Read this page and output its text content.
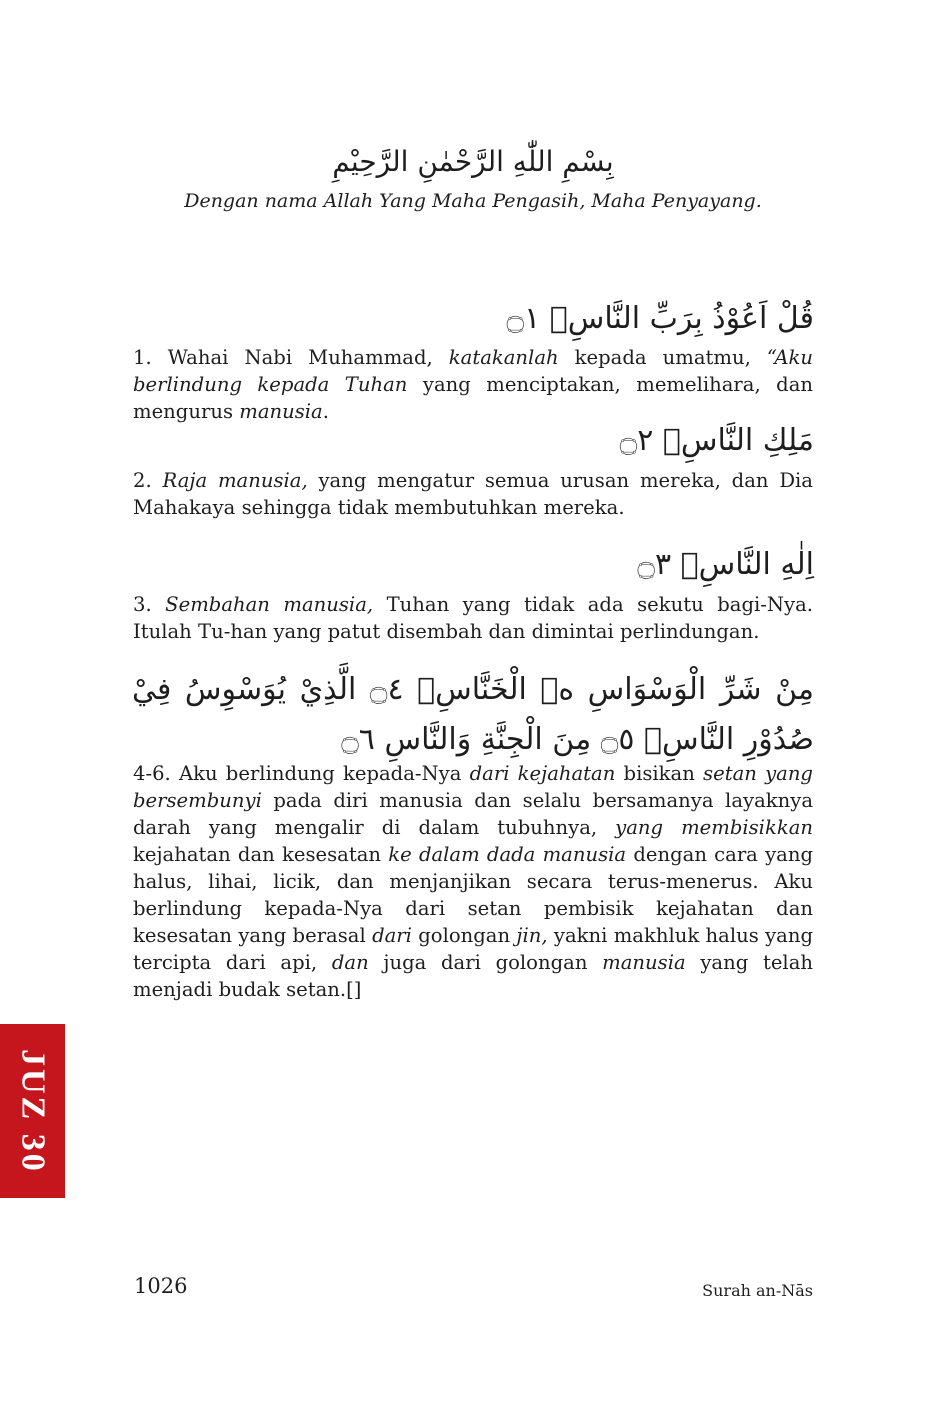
بِسْمِ اللّٰهِ الرَّحْمٰنِ الرَّحِيْمِ
Dengan nama Allah Yang Maha Pengasih, Maha Penyayang.
قُلْ اَعُوْذُ بِرَبِّ النَّاسِۙ ۝١
1. Wahai Nabi Muhammad, katakanlah kepada umatmu, “Aku berlindung kepada Tuhan yang menciptakan, memelihara, dan mengurus manusia.
مَلِكِ النَّاسِۙ ۝٢
2. Raja manusia, yang mengatur semua urusan mereka, dan Dia Mahakaya sehingga tidak membutuhkan mereka.
اِلٰهِ النَّاسِۙ ۝٣
3. Sembahan manusia, Tuhan yang tidak ada sekutu bagi-Nya. Itulah Tu-han yang patut disembah dan dimintai perlindungan.
مِنْ شَرِّ الْوَسْوَاسِ ەۙ الْخَنَّاسِۖ ۝٤ الَّذِيْ يُوَسْوِسُ فِيْ صُدُوْرِ النَّاسِۙ ۝٥ مِنَ الْجِنَّةِ وَالنَّاسِ ۝٦
4-6. Aku berlindung kepada-Nya dari kejahatan bisikan setan yang bersembunyi pada diri manusia dan selalu bersamanya layaknya darah yang mengalir di dalam tubuhnya, yang membisikkan kejahatan dan kesesatan ke dalam dada manusia dengan cara yang halus, lihai, licik, dan menjanjikan secara terus-menerus. Aku berlindung kepada-Nya dari setan pembisik kejahatan dan kesesatan yang berasal dari golongan jin, yakni makhluk halus yang tercipta dari api, dan juga dari golongan manusia yang telah menjadi budak setan.[]
JUZ 30
1026	Surah an-Nās
